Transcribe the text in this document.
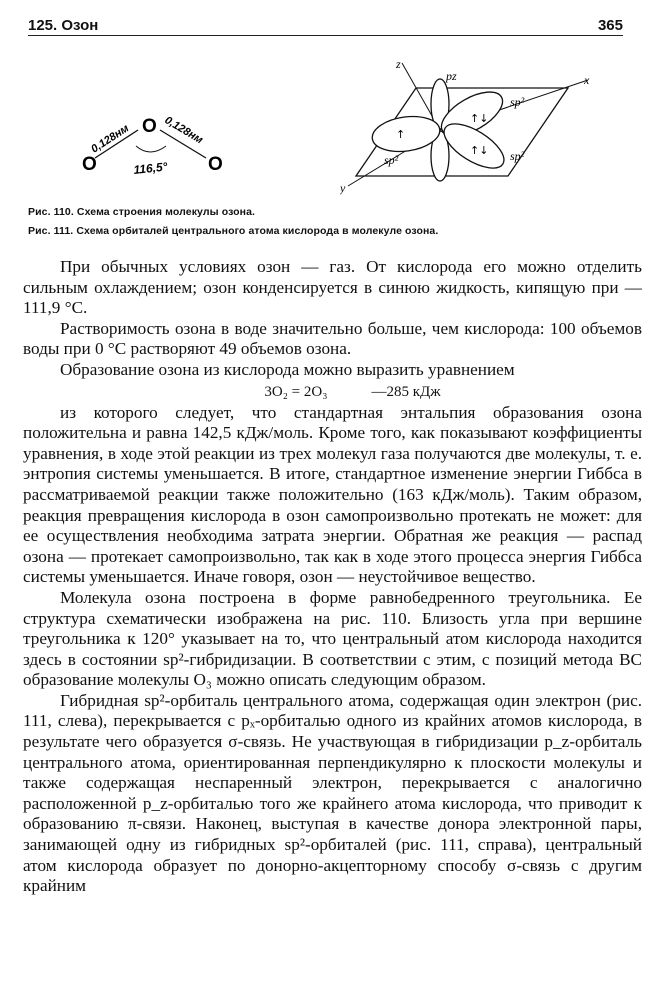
125. Озон	365
O
O	O
0,128нм	0,128нм
116,5°
z
x
y
pz
sp²
sp²
sp²
↑↓
↑↓
↑
Рис. 110. Схема строения молекулы озона.
Рис. 111. Схема орбиталей центрального атома кислорода в молекуле озона.

При обычных условиях озон — газ. От кислорода его можно отделить сильным охлаждением; озон конденсируется в синюю жидкость, кипящую при —111,9 °С.

Растворимость озона в воде значительно больше, чем кислорода: 100 объемов воды при 0 °С растворяют 49 объемов озона.

Образование озона из кислорода можно выразить уравнением

3O₂ = 2O₃	—285 кДж

из которого следует, что стандартная энтальпия образования озона положительна и равна 142,5 кДж/моль. Кроме того, как показывают коэффициенты уравнения, в ходе этой реакции из трех молекул газа получаются две молекулы, т. е. энтропия системы уменьшается. В итоге, стандартное изменение энергии Гиббса в рассматриваемой реакции также положительно (163 кДж/моль). Таким образом, реакция превращения кислорода в озон самопроизвольно протекать не может: для ее осуществления необходима затрата энергии. Обратная же реакция — распад озона — протекает самопроизвольно, так как в ходе этого процесса энергия Гиббса системы уменьшается. Иначе говоря, озон — неустойчивое вещество.

Молекула озона построена в форме равнобедренного треугольника. Ее структура схематически изображена на рис. 110. Близость угла при вершине треугольника к 120° указывает на то, что центральный атом кислорода находится здесь в состоянии sp²-гибридизации. В соответствии с этим, с позиций метода ВС образование молекулы O₃ можно описать следующим образом.

Гибридная sp²-орбиталь центрального атома, содержащая один электрон (рис. 111, слева), перекрывается с pₓ-орбиталью одного из крайних атомов кислорода, в результате чего образуется σ-связь. Не участвующая в гибридизации p_z-орбиталь центрального атома, ориентированная перпендикулярно к плоскости молекулы и также содержащая неспаренный электрон, перекрывается с аналогично расположенной p_z-орбиталью того же крайнего атома кислорода, что приводит к образованию π-связи. Наконец, выступая в качестве донора электронной пары, занимающей одну из гибридных sp²-орбиталей (рис. 111, справа), центральный атом кислорода образует по донорно-акцепторному способу σ-связь с другим крайним
